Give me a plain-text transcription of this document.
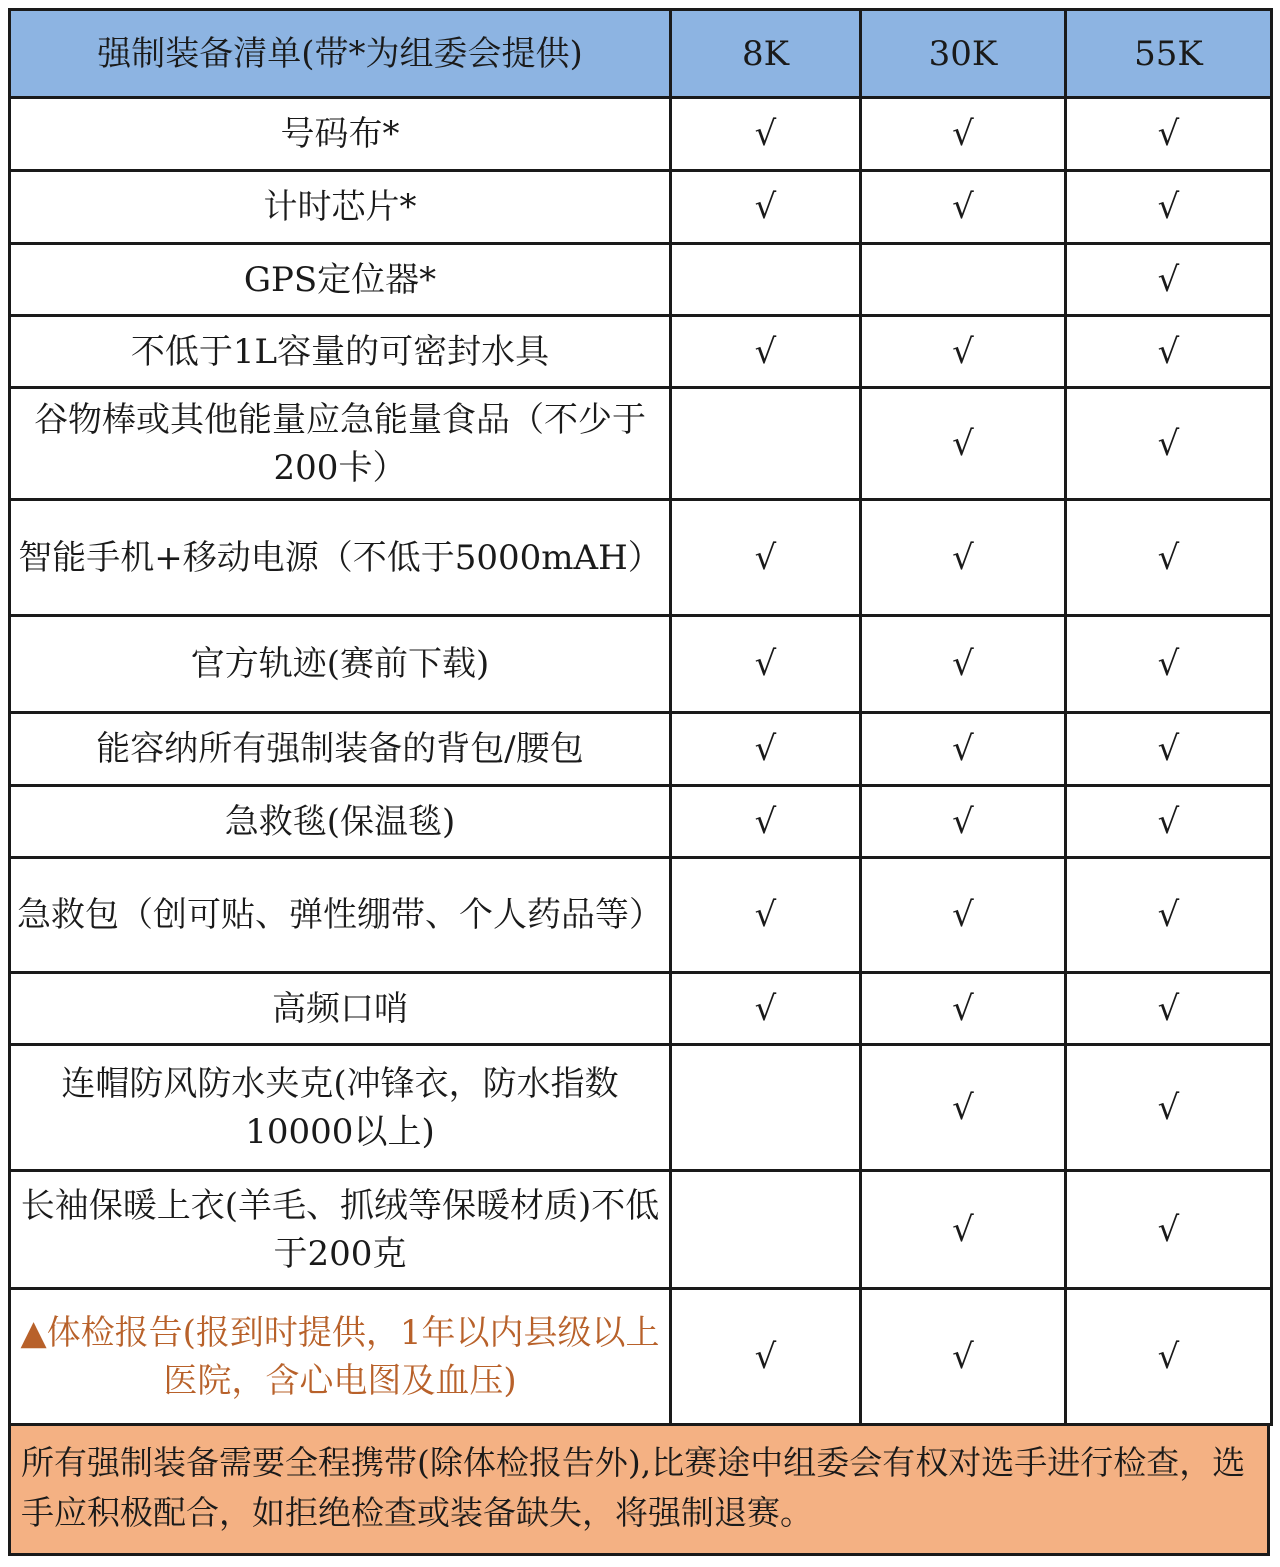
强制装备清单(带*为组委会提供)	8K	30K	55K
号码布*	√	√	√
计时芯片*	√	√	√
GPS定位器*			√
不低于1L容量的可密封水具	√	√	√
谷物棒或其他能量应急能量食品（不少于200卡）		√	√
智能手机+移动电源（不低于5000mAH）	√	√	√
官方轨迹(赛前下载)	√	√	√
能容纳所有强制装备的背包/腰包	√	√	√
急救毯(保温毯)	√	√	√
急救包（创可贴、弹性绷带、个人药品等）	√	√	√
高频口哨	√	√	√
连帽防风防水夹克(冲锋衣，防水指数10000以上)		√	√
长袖保暖上衣(羊毛、抓绒等保暖材质)不低于200克		√	√
▲体检报告(报到时提供，1年以内县级以上医院，含心电图及血压)	√	√	√
所有强制装备需要全程携带(除体检报告外),比赛途中组委会有权对选手进行检查，选手应积极配合，如拒绝检查或装备缺失，将强制退赛。
